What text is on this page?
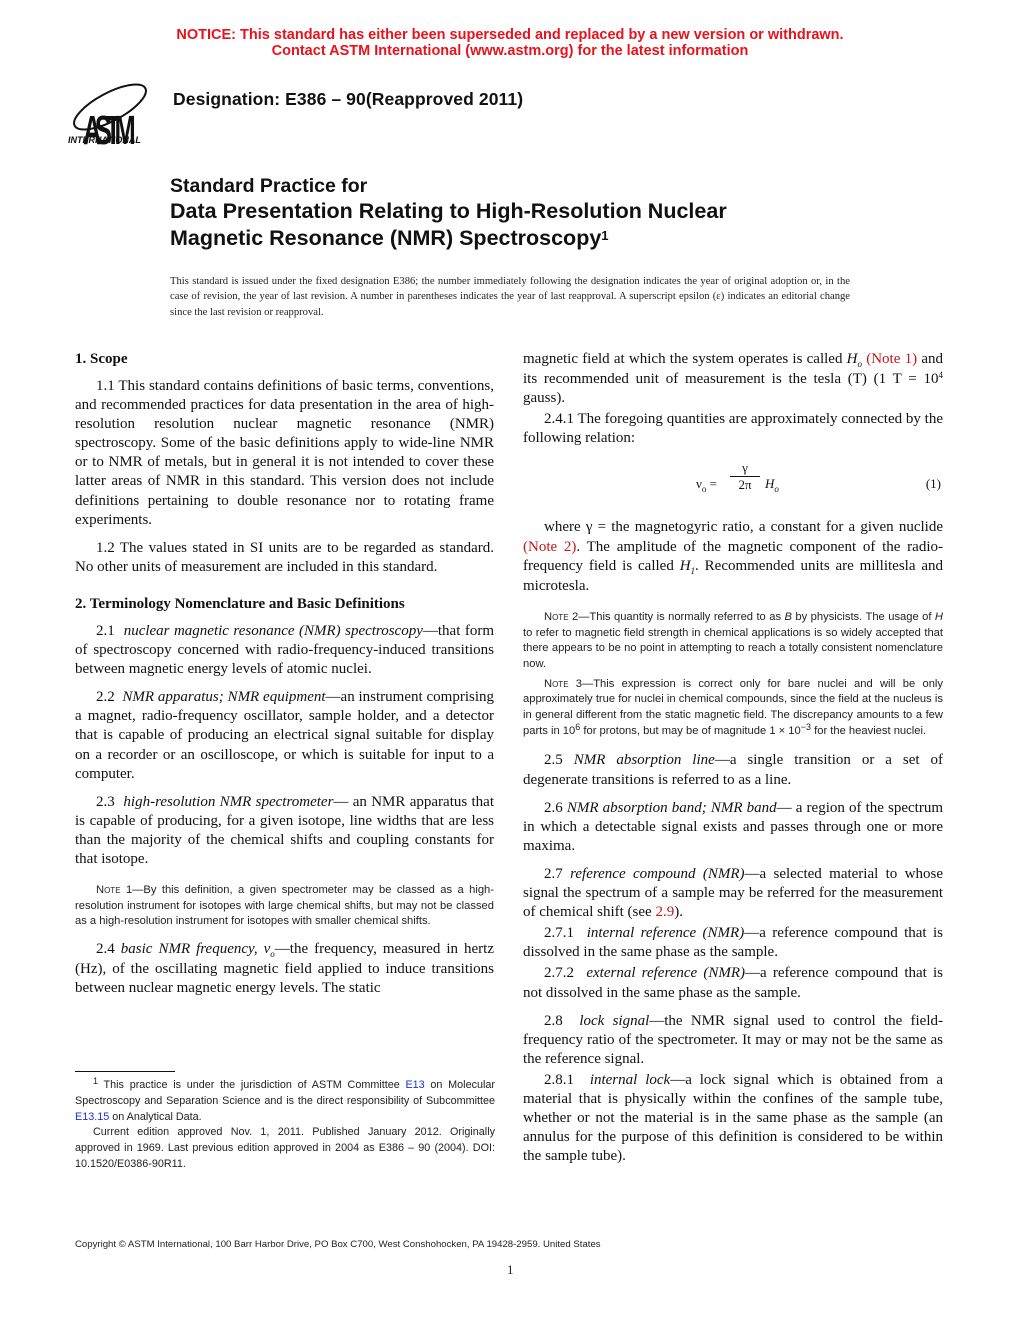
NOTICE: This standard has either been superseded and replaced by a new version or withdrawn.
Contact ASTM International (www.astm.org) for the latest information
ASTM
INTERNATIONAL
Designation: E386 – 90(Reapproved 2011)
Standard Practice for
Data Presentation Relating to High-Resolution Nuclear
Magnetic Resonance (NMR) Spectroscopy$^1$
This standard is issued under the fixed designation E386; the number immediately following the designation indicates the year of original adoption or, in the case of revision, the year of last revision. A number in parentheses indicates the year of last reapproval. A superscript epsilon (ε) indicates an editorial change since the last revision or reapproval.
1. Scope

1.1 This standard contains definitions of basic terms, conventions, and recommended practices for data presentation in the area of high-resolution resolution nuclear magnetic resonance (NMR) spectroscopy. Some of the basic definitions apply to wide-line NMR or to NMR of metals, but in general it is not intended to cover these latter areas of NMR in this standard. This version does not include definitions pertaining to double resonance nor to rotating frame experiments.

1.2 The values stated in SI units are to be regarded as standard. No other units of measurement are included in this standard.

2. Terminology Nomenclature and Basic Definitions

2.1 nuclear magnetic resonance (NMR) spectroscopy—that form of spectroscopy concerned with radio-frequency-induced transitions between magnetic energy levels of atomic nuclei.

2.2 NMR apparatus; NMR equipment—an instrument comprising a magnet, radio-frequency oscillator, sample holder, and a detector that is capable of producing an electrical signal suitable for display on a recorder or an oscilloscope, or which is suitable for input to a computer.

2.3 high-resolution NMR spectrometer— an NMR apparatus that is capable of producing, for a given isotope, line widths that are less than the majority of the chemical shifts and coupling constants for that isotope.

Note 1—By this definition, a given spectrometer may be classed as a high-resolution instrument for isotopes with large chemical shifts, but may not be classed as a high-resolution instrument for isotopes with smaller chemical shifts.

2.4 basic NMR frequency, $\nu_o—the$ frequency, measured in hertz (Hz), of the oscillating magnetic field applied to induce transitions between nuclear magnetic energy levels. The static

magnetic field at which the system operates is called $H_o$ (Note 1) and its recommended unit of measurement is the tesla (T) (1 $T = 10^4$ gauss).

2.4.1 The foregoing quantities are approximately connected by the following relation:

$\nu_o = \frac{\gamma}{2\pi} H_o$	(1)

where γ = the magnetogyric ratio, a constant for a given nuclide (Note 2). The amplitude of the magnetic component of the radio-frequency field is called $H_1$. Recommended units are millitesla and microtesla.

Note 2—This quantity is normally referred to as B by physicists. The usage of H to refer to magnetic field strength in chemical applications is so widely accepted that there appears to be no point in attempting to reach a totally consistent nomenclature now.
Note 3—This expression is correct only for bare nuclei and will be only approximately true for nuclei in chemical compounds, since the field at the nucleus is in general different from the static magnetic field. The discrepancy amounts to a few parts in $10^6$ for protons, but may be of magnitude $1 \times 10^{-3}$ for the heaviest nuclei.

2.5 NMR absorption line—a single transition or a set of degenerate transitions is referred to as a line.

2.6 NMR absorption band; NMR band— a region of the spectrum in which a detectable signal exists and passes through one or more maxima.

2.7 reference compound (NMR)—a selected material to whose signal the spectrum of a sample may be referred for the measurement of chemical shift (see 2.9).

2.7.1 internal reference (NMR)—a reference compound that is dissolved in the same phase as the sample.

2.7.2 external reference (NMR)—a reference compound that is not dissolved in the same phase as the sample.

2.8 lock signal—the NMR signal used to control the field-frequency ratio of the spectrometer. It may or may not be the same as the reference signal.

2.8.1 internal lock—a lock signal which is obtained from a material that is physically within the confines of the sample tube, whether or not the material is in the same phase as the sample (an annulus for the purpose of this definition is considered to be within the sample tube).

$^1$ This practice is under the jurisdiction of ASTM Committee E13 on Molecular Spectroscopy and Separation Science and is the direct responsibility of Subcommittee E13.15 on Analytical Data.

Current edition approved Nov. 1, 2011. Published January 2012. Originally approved in 1969. Last previous edition approved in 2004 as E386 – 90 (2004). DOI: 10.1520/E0386-90R11.

Copyright © ASTM International, 100 Barr Harbor Drive, PO Box C700, West Conshohocken, PA 19428-2959. United States
1
